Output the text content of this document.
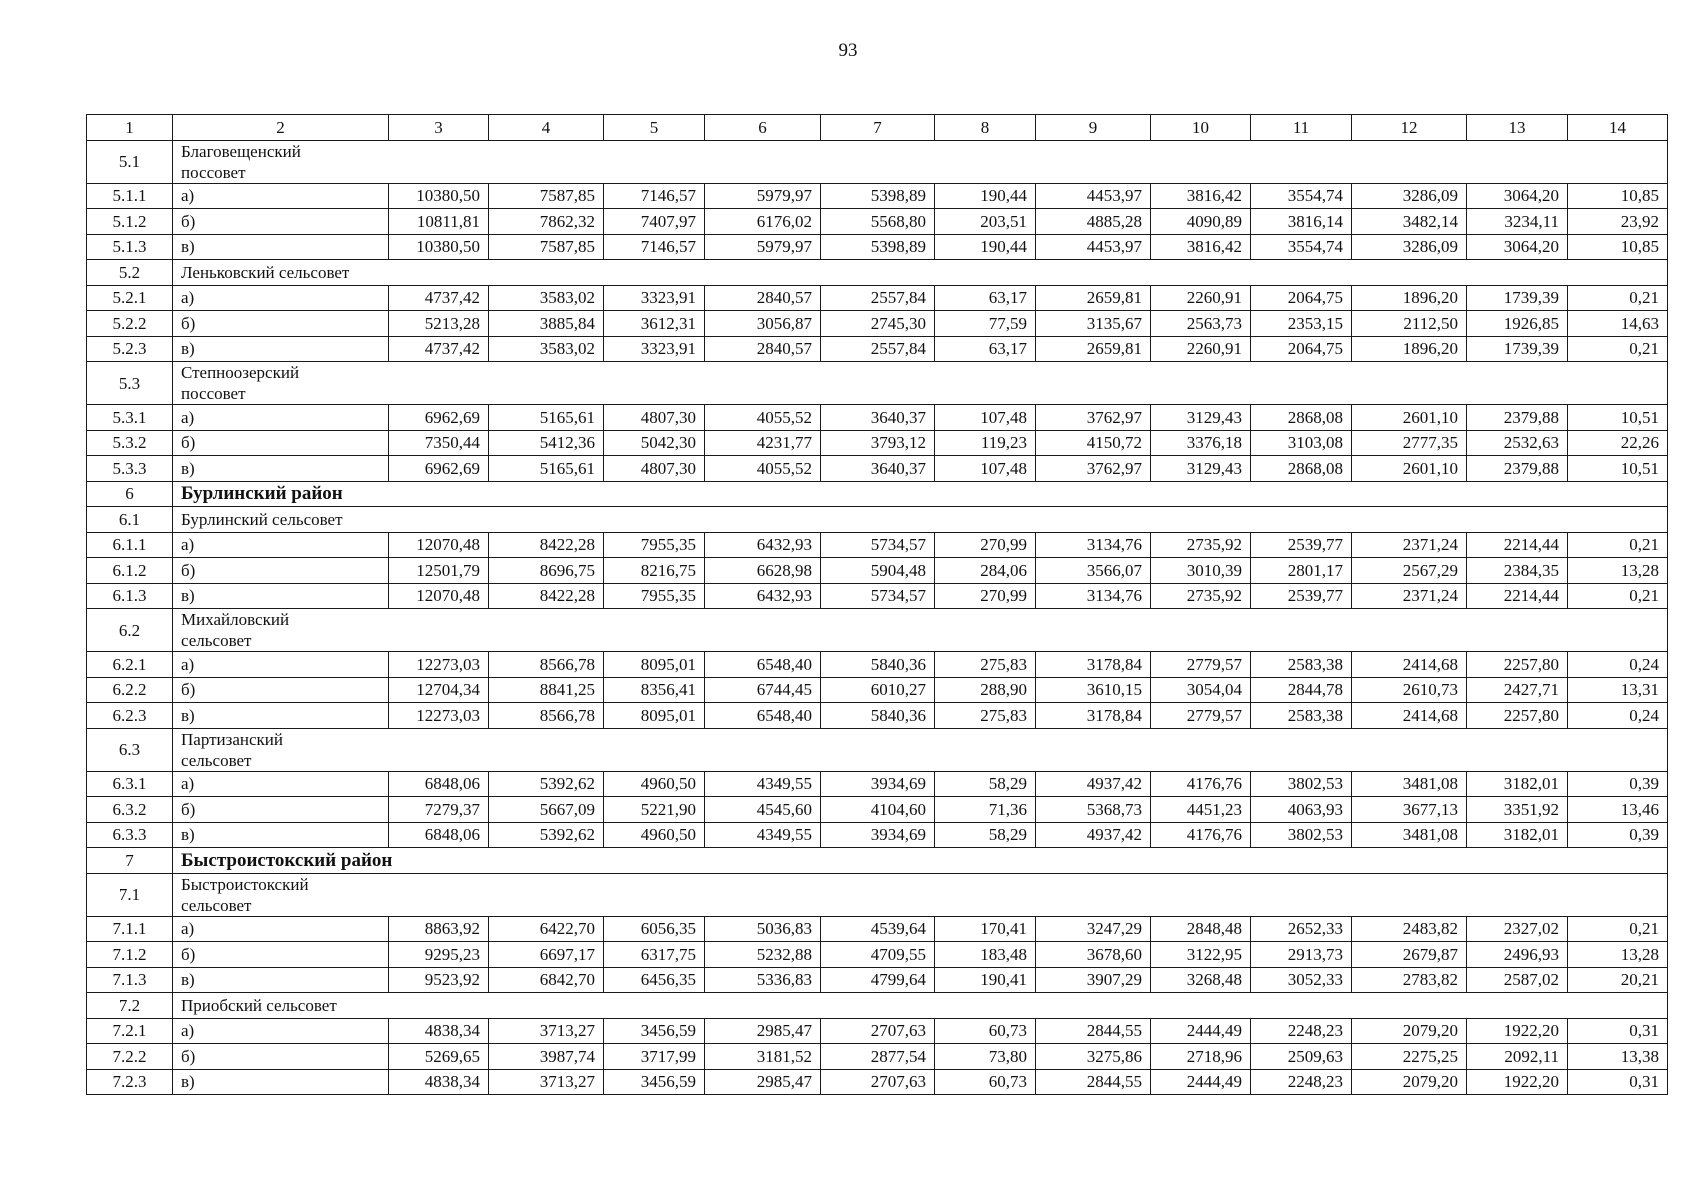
93
1	2	3	4	5	6	7	8	9	10	11	12	13	14
5.1	Благовещенский
поссовет												
5.1.1	а)	10380,50	7587,85	7146,57	5979,97	5398,89	190,44	4453,97	3816,42	3554,74	3286,09	3064,20	10,85
5.1.2	б)	10811,81	7862,32	7407,97	6176,02	5568,80	203,51	4885,28	4090,89	3816,14	3482,14	3234,11	23,92
5.1.3	в)	10380,50	7587,85	7146,57	5979,97	5398,89	190,44	4453,97	3816,42	3554,74	3286,09	3064,20	10,85
5.2	Леньковский сельсовет												
5.2.1	а)	4737,42	3583,02	3323,91	2840,57	2557,84	63,17	2659,81	2260,91	2064,75	1896,20	1739,39	0,21
5.2.2	б)	5213,28	3885,84	3612,31	3056,87	2745,30	77,59	3135,67	2563,73	2353,15	2112,50	1926,85	14,63
5.2.3	в)	4737,42	3583,02	3323,91	2840,57	2557,84	63,17	2659,81	2260,91	2064,75	1896,20	1739,39	0,21
5.3	Степноозерский
поссовет												
5.3.1	а)	6962,69	5165,61	4807,30	4055,52	3640,37	107,48	3762,97	3129,43	2868,08	2601,10	2379,88	10,51
5.3.2	б)	7350,44	5412,36	5042,30	4231,77	3793,12	119,23	4150,72	3376,18	3103,08	2777,35	2532,63	22,26
5.3.3	в)	6962,69	5165,61	4807,30	4055,52	3640,37	107,48	3762,97	3129,43	2868,08	2601,10	2379,88	10,51
6	Бурлинский район												
6.1	Бурлинский сельсовет												
6.1.1	а)	12070,48	8422,28	7955,35	6432,93	5734,57	270,99	3134,76	2735,92	2539,77	2371,24	2214,44	0,21
6.1.2	б)	12501,79	8696,75	8216,75	6628,98	5904,48	284,06	3566,07	3010,39	2801,17	2567,29	2384,35	13,28
6.1.3	в)	12070,48	8422,28	7955,35	6432,93	5734,57	270,99	3134,76	2735,92	2539,77	2371,24	2214,44	0,21
6.2	Михайловский
сельсовет												
6.2.1	а)	12273,03	8566,78	8095,01	6548,40	5840,36	275,83	3178,84	2779,57	2583,38	2414,68	2257,80	0,24
6.2.2	б)	12704,34	8841,25	8356,41	6744,45	6010,27	288,90	3610,15	3054,04	2844,78	2610,73	2427,71	13,31
6.2.3	в)	12273,03	8566,78	8095,01	6548,40	5840,36	275,83	3178,84	2779,57	2583,38	2414,68	2257,80	0,24
6.3	Партизанский
сельсовет												
6.3.1	а)	6848,06	5392,62	4960,50	4349,55	3934,69	58,29	4937,42	4176,76	3802,53	3481,08	3182,01	0,39
6.3.2	б)	7279,37	5667,09	5221,90	4545,60	4104,60	71,36	5368,73	4451,23	4063,93	3677,13	3351,92	13,46
6.3.3	в)	6848,06	5392,62	4960,50	4349,55	3934,69	58,29	4937,42	4176,76	3802,53	3481,08	3182,01	0,39
7	Быстроистокский район												
7.1	Быстроистокский
сельсовет												
7.1.1	а)	8863,92	6422,70	6056,35	5036,83	4539,64	170,41	3247,29	2848,48	2652,33	2483,82	2327,02	0,21
7.1.2	б)	9295,23	6697,17	6317,75	5232,88	4709,55	183,48	3678,60	3122,95	2913,73	2679,87	2496,93	13,28
7.1.3	в)	9523,92	6842,70	6456,35	5336,83	4799,64	190,41	3907,29	3268,48	3052,33	2783,82	2587,02	20,21
7.2	Приобский сельсовет												
7.2.1	а)	4838,34	3713,27	3456,59	2985,47	2707,63	60,73	2844,55	2444,49	2248,23	2079,20	1922,20	0,31
7.2.2	б)	5269,65	3987,74	3717,99	3181,52	2877,54	73,80	3275,86	2718,96	2509,63	2275,25	2092,11	13,38
7.2.3	в)	4838,34	3713,27	3456,59	2985,47	2707,63	60,73	2844,55	2444,49	2248,23	2079,20	1922,20	0,31
